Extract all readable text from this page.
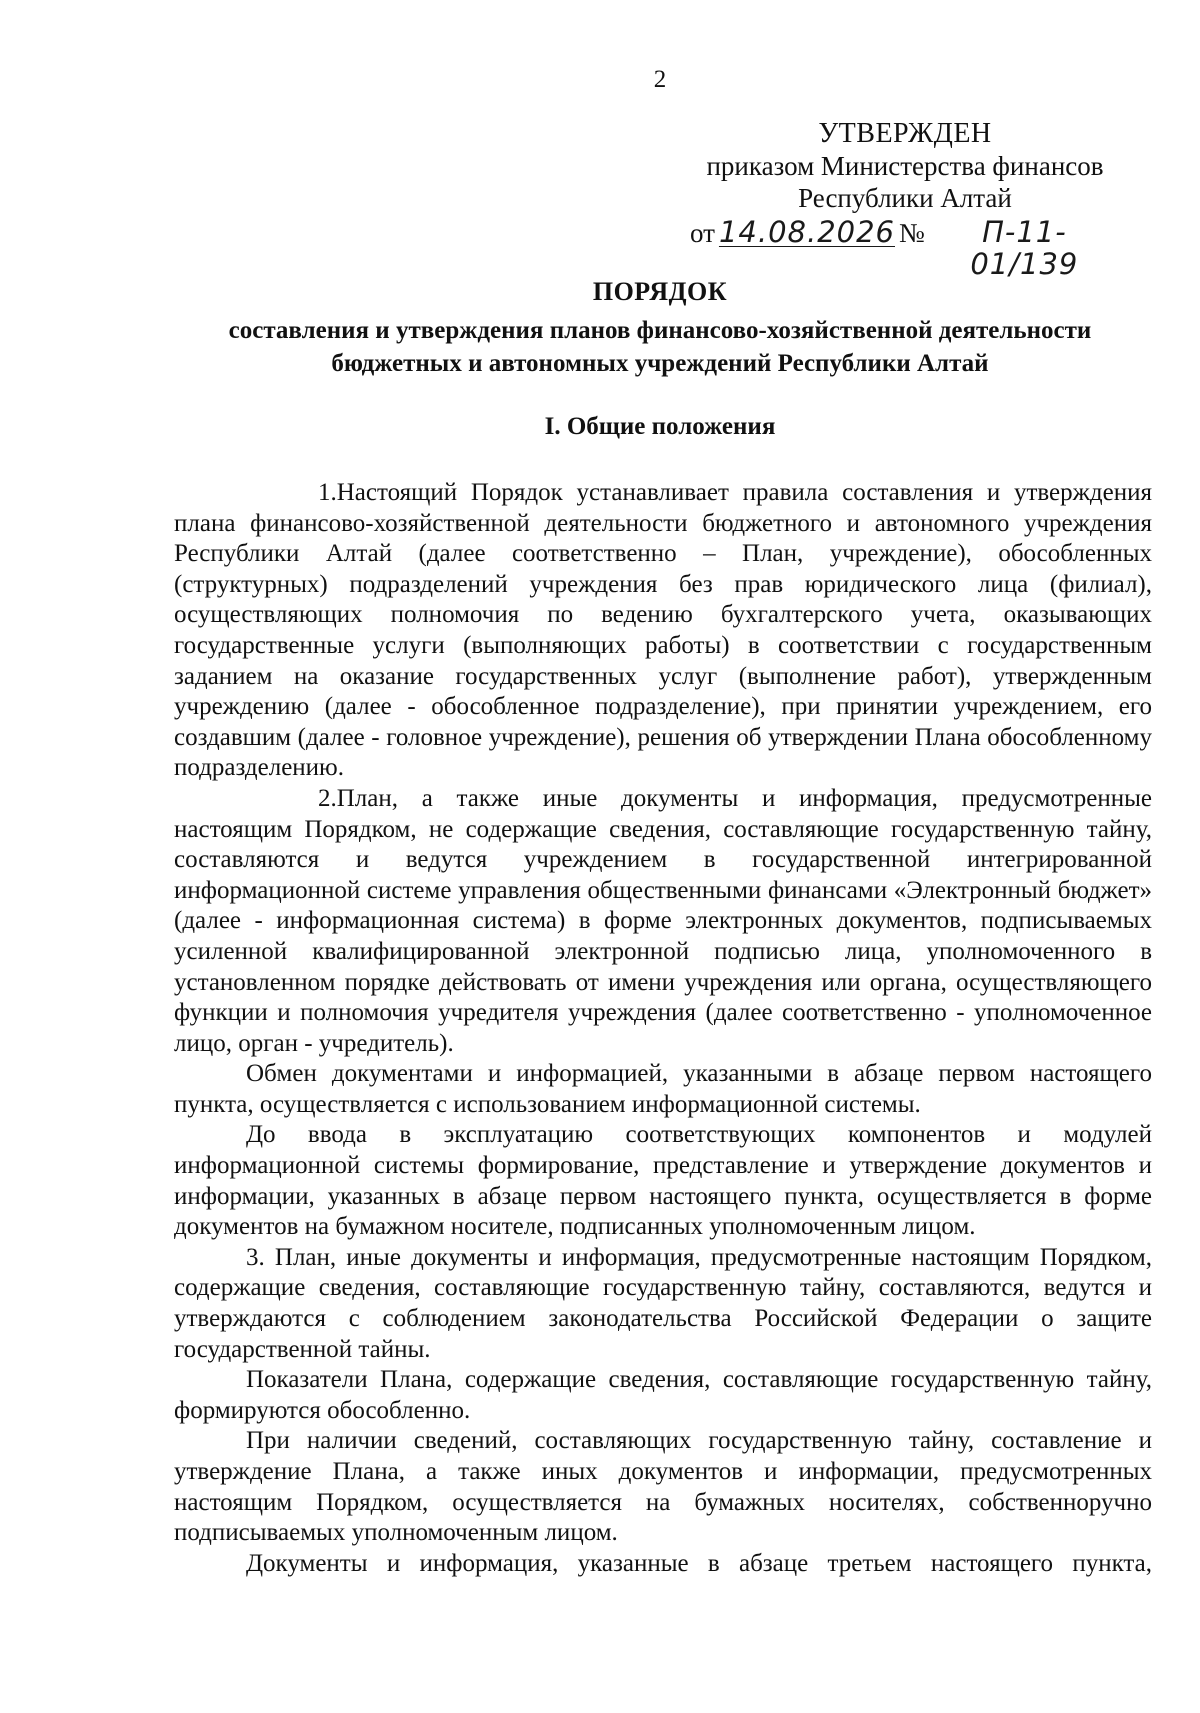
2
УТВЕРЖДЕН
приказом Министерства финансов
Республики Алтай
от 14.08.2026 №	П-11-01/139
ПОРЯДОК
составления и утверждения планов финансово-хозяйственной деятельности бюджетных и автономных учреждений Республики Алтай
I. Общие положения

1.Настоящий Порядок устанавливает правила составления и утверждения плана финансово-хозяйственной деятельности бюджетного и автономного учреждения Республики Алтай (далее соответственно – План, учреждение), обособленных (структурных) подразделений учреждения без прав юридического лица (филиал), осуществляющих полномочия по ведению бухгалтерского учета, оказывающих государственные услуги (выполняющих работы) в соответствии с государственным заданием на оказание государственных услуг (выполнение работ), утвержденным учреждению (далее - обособленное подразделение), при принятии учреждением, его создавшим (далее - головное учреждение), решения об утверждении Плана обособленному подразделению.

2.План, а также иные документы и информация, предусмотренные настоящим Порядком, не содержащие сведения, составляющие государственную тайну, составляются и ведутся учреждением в государственной интегрированной информационной системе управления общественными финансами «Электронный бюджет» (далее - информационная система) в форме электронных документов, подписываемых усиленной квалифицированной электронной подписью лица, уполномоченного в установленном порядке действовать от имени учреждения или органа, осуществляющего функции и полномочия учредителя учреждения (далее соответственно - уполномоченное лицо, орган - учредитель).

Обмен документами и информацией, указанными в абзаце первом настоящего пункта, осуществляется с использованием информационной системы.

До ввода в эксплуатацию соответствующих компонентов и модулей информационной системы формирование, представление и утверждение документов и информации, указанных в абзаце первом настоящего пункта, осуществляется в форме документов на бумажном носителе, подписанных уполномоченным лицом.

3. План, иные документы и информация, предусмотренные настоящим Порядком, содержащие сведения, составляющие государственную тайну, составляются, ведутся и утверждаются с соблюдением законодательства Российской Федерации о защите государственной тайны.

Показатели Плана, содержащие сведения, составляющие государственную тайну, формируются обособленно.

При наличии сведений, составляющих государственную тайну, составление и утверждение Плана, а также иных документов и информации, предусмотренных настоящим Порядком, осуществляется на бумажных носителях, собственноручно подписываемых уполномоченным лицом.

Документы и информация, указанные в абзаце третьем настоящего пункта,
